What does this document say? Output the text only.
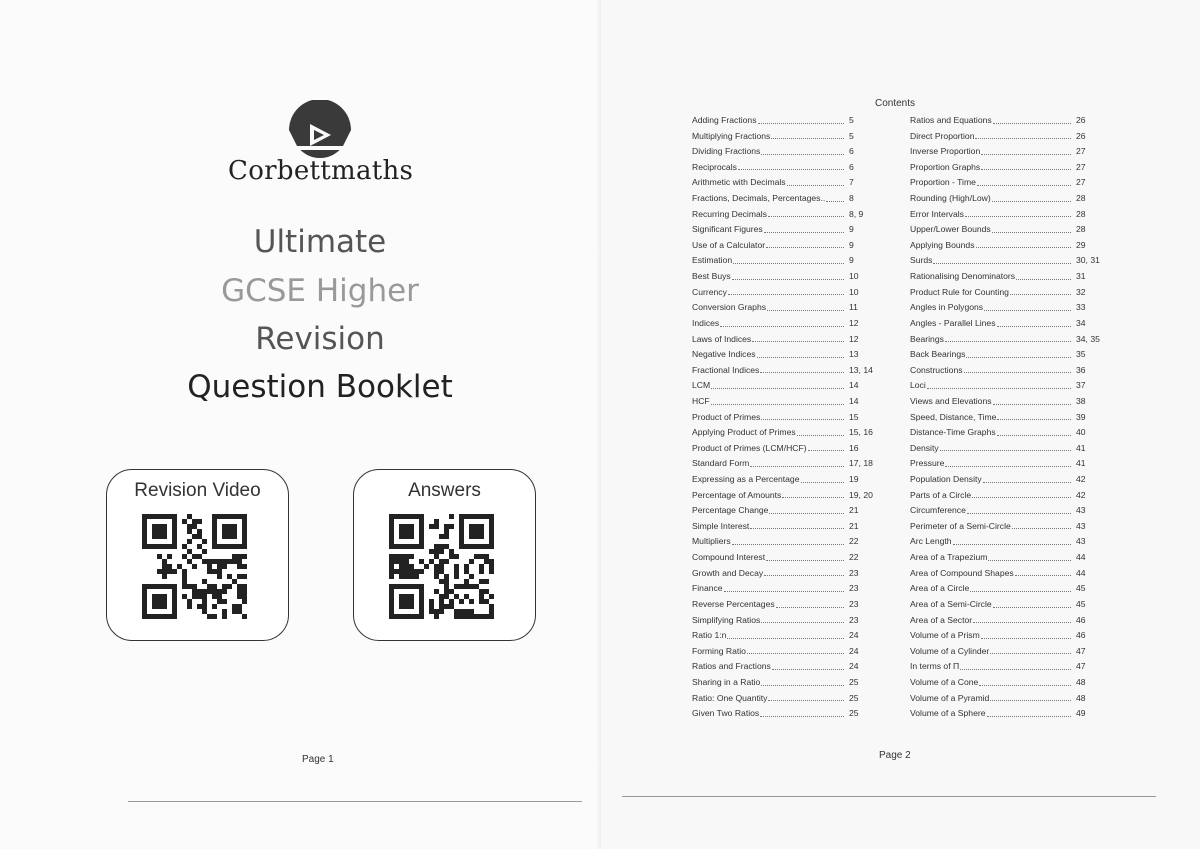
Corbettmaths
Ultimate
GCSE Higher
Revision
Question Booklet
Revision Video	Answers
Page 1	Page 2
Contents
Adding Fractions	5
Multiplying Fractions	5
Dividing Fractions	6
Reciprocals	6
Arithmetic with Decimals	7
Fractions, Decimals, Percentages..	8
Recurring Decimals	8, 9
Significant Figures	9
Use of a Calculator	9
Estimation	9
Best Buys	10
Currency	10
Conversion Graphs	11
Indices	12
Laws of Indices	12
Negative Indices	13
Fractional Indices	13, 14
LCM	14
HCF	14
Product of Primes	15
Applying Product of Primes	15, 16
Product of Primes (LCM/HCF)	16
Standard Form	17, 18
Expressing as a Percentage	19
Percentage of Amounts	19, 20
Percentage Change	21
Simple Interest	21
Multipliers	22
Compound Interest	22
Growth and Decay	23
Finance	23
Reverse Percentages	23
Simplifying Ratios	23
Ratio 1:n	24
Forming Ratio	24
Ratios and Fractions	24
Sharing in a Ratio	25
Ratio: One Quantity	25
Given Two Ratios	25
Ratios and Equations	26
Direct Proportion	26
Inverse Proportion	27
Proportion Graphs	27
Proportion - Time	27
Rounding (High/Low)	28
Error Intervals	28
Upper/Lower Bounds	28
Applying Bounds	29
Surds	30, 31
Rationalising Denominators	31
Product Rule for Counting	32
Angles in Polygons	33
Angles - Parallel Lines	34
Bearings	34, 35
Back Bearings	35
Constructions	36
Loci	37
Views and Elevations	38
Speed, Distance, Time	39
Distance-Time Graphs	40
Density	41
Pressure	41
Population Density	42
Parts of a Circle	42
Circumference	43
Perimeter of a Semi-Circle	43
Arc Length	43
Area of a Trapezium	44
Area of Compound Shapes	44
Area of a Circle	45
Area of a Semi-Circle	45
Area of a Sector	46
Volume of a Prism	46
Volume of a Cylinder	47
In terms of Π	47
Volume of a Cone	48
Volume of a Pyramid	48
Volume of a Sphere	49
